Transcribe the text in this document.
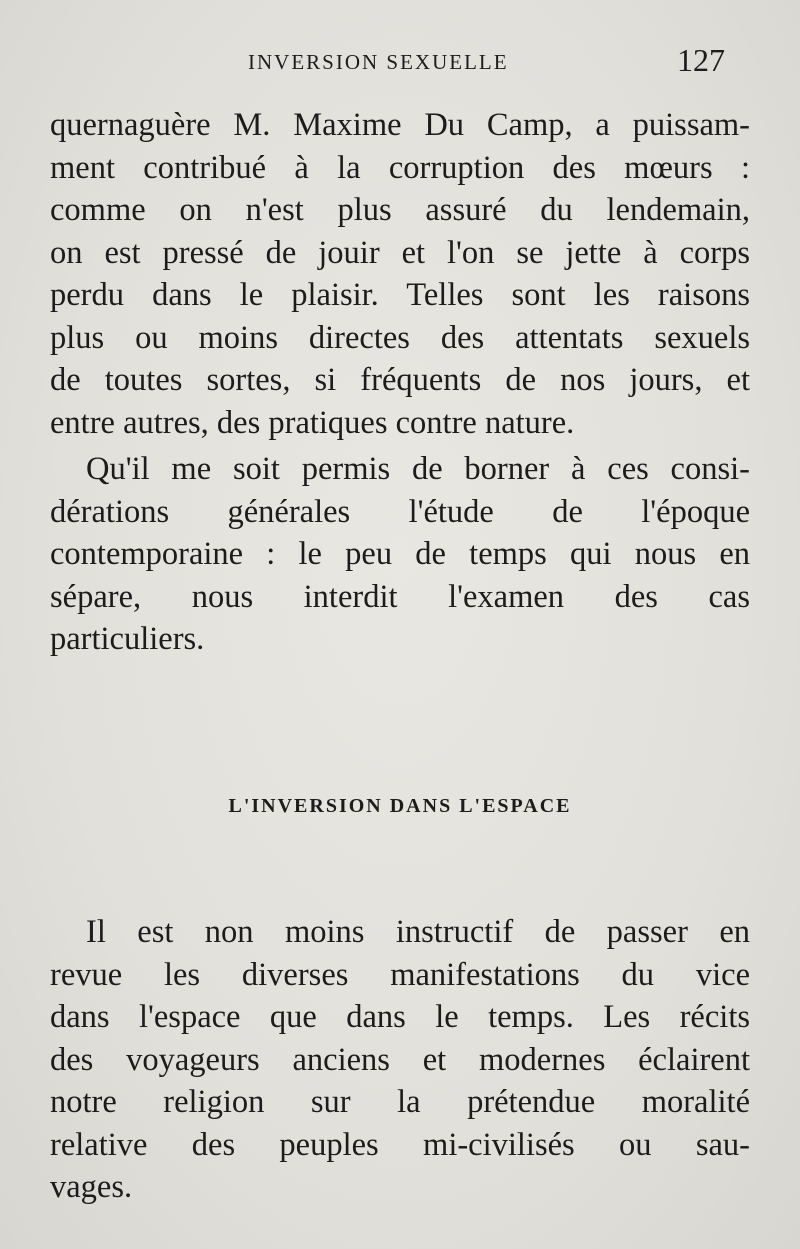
INVERSION SEXUELLE	127

quernaguère M. Maxime Du Camp, a puissam-
ment contribué à la corruption des mœurs :
comme on n'est plus assuré du lendemain,
on est pressé de jouir et l'on se jette à corps
perdu dans le plaisir. Telles sont les raisons
plus ou moins directes des attentats sexuels
de toutes sortes, si fréquents de nos jours, et
entre autres, des pratiques contre nature.

Qu'il me soit permis de borner à ces consi-
dérations générales l'étude de l'époque
contemporaine : le peu de temps qui nous en
sépare, nous interdit l'examen des cas
particuliers.

L'INVERSION DANS L'ESPACE

Il est non moins instructif de passer en
revue les diverses manifestations du vice
dans l'espace que dans le temps. Les récits
des voyageurs anciens et modernes éclairent
notre religion sur la prétendue moralité
relative des peuples mi-civilisés ou sau-
vages.
